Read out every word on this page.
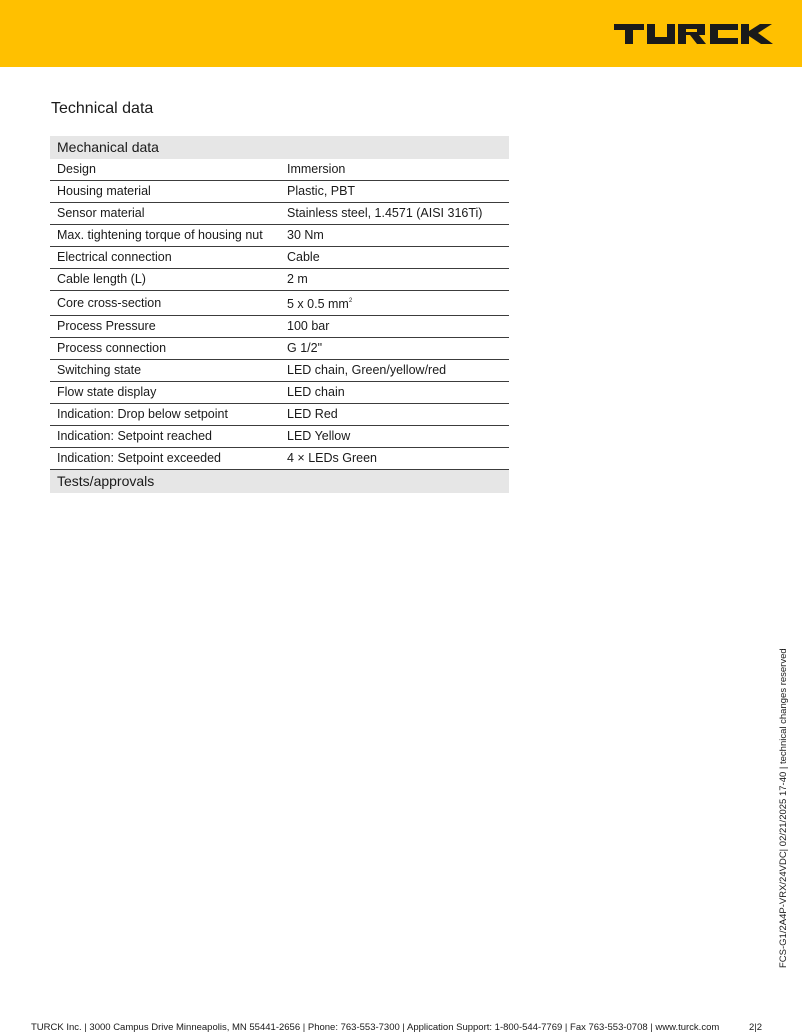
Technical data
Mechanical data	
Design	Immersion
Housing material	Plastic, PBT
Sensor material	Stainless steel, 1.4571 (AISI 316Ti)
Max. tightening torque of housing nut	30 Nm
Electrical connection	Cable
Cable length (L)	2 m
Core cross-section	5 x 0.5 $mm^2$
Process Pressure	100 bar
Process connection	G 1/2"
Switching state	LED chain, Green/yellow/red
Flow state display	LED chain
Indication: Drop below setpoint	LED Red
Indication: Setpoint reached	LED Yellow
Indication: Setpoint exceeded	4 × LEDs Green
Tests/approvals	
FCS-G1/2A4P-VRX/24VDC| 02/21/2025 17-40 | technical changes reserved
TURCK Inc. | 3000 Campus Drive Minneapolis, MN 55441-2656 | Phone: 763-553-7300 | Application Support: 1-800-544-7769 | Fax 763-553-0708 | www.turck.com	2|2
